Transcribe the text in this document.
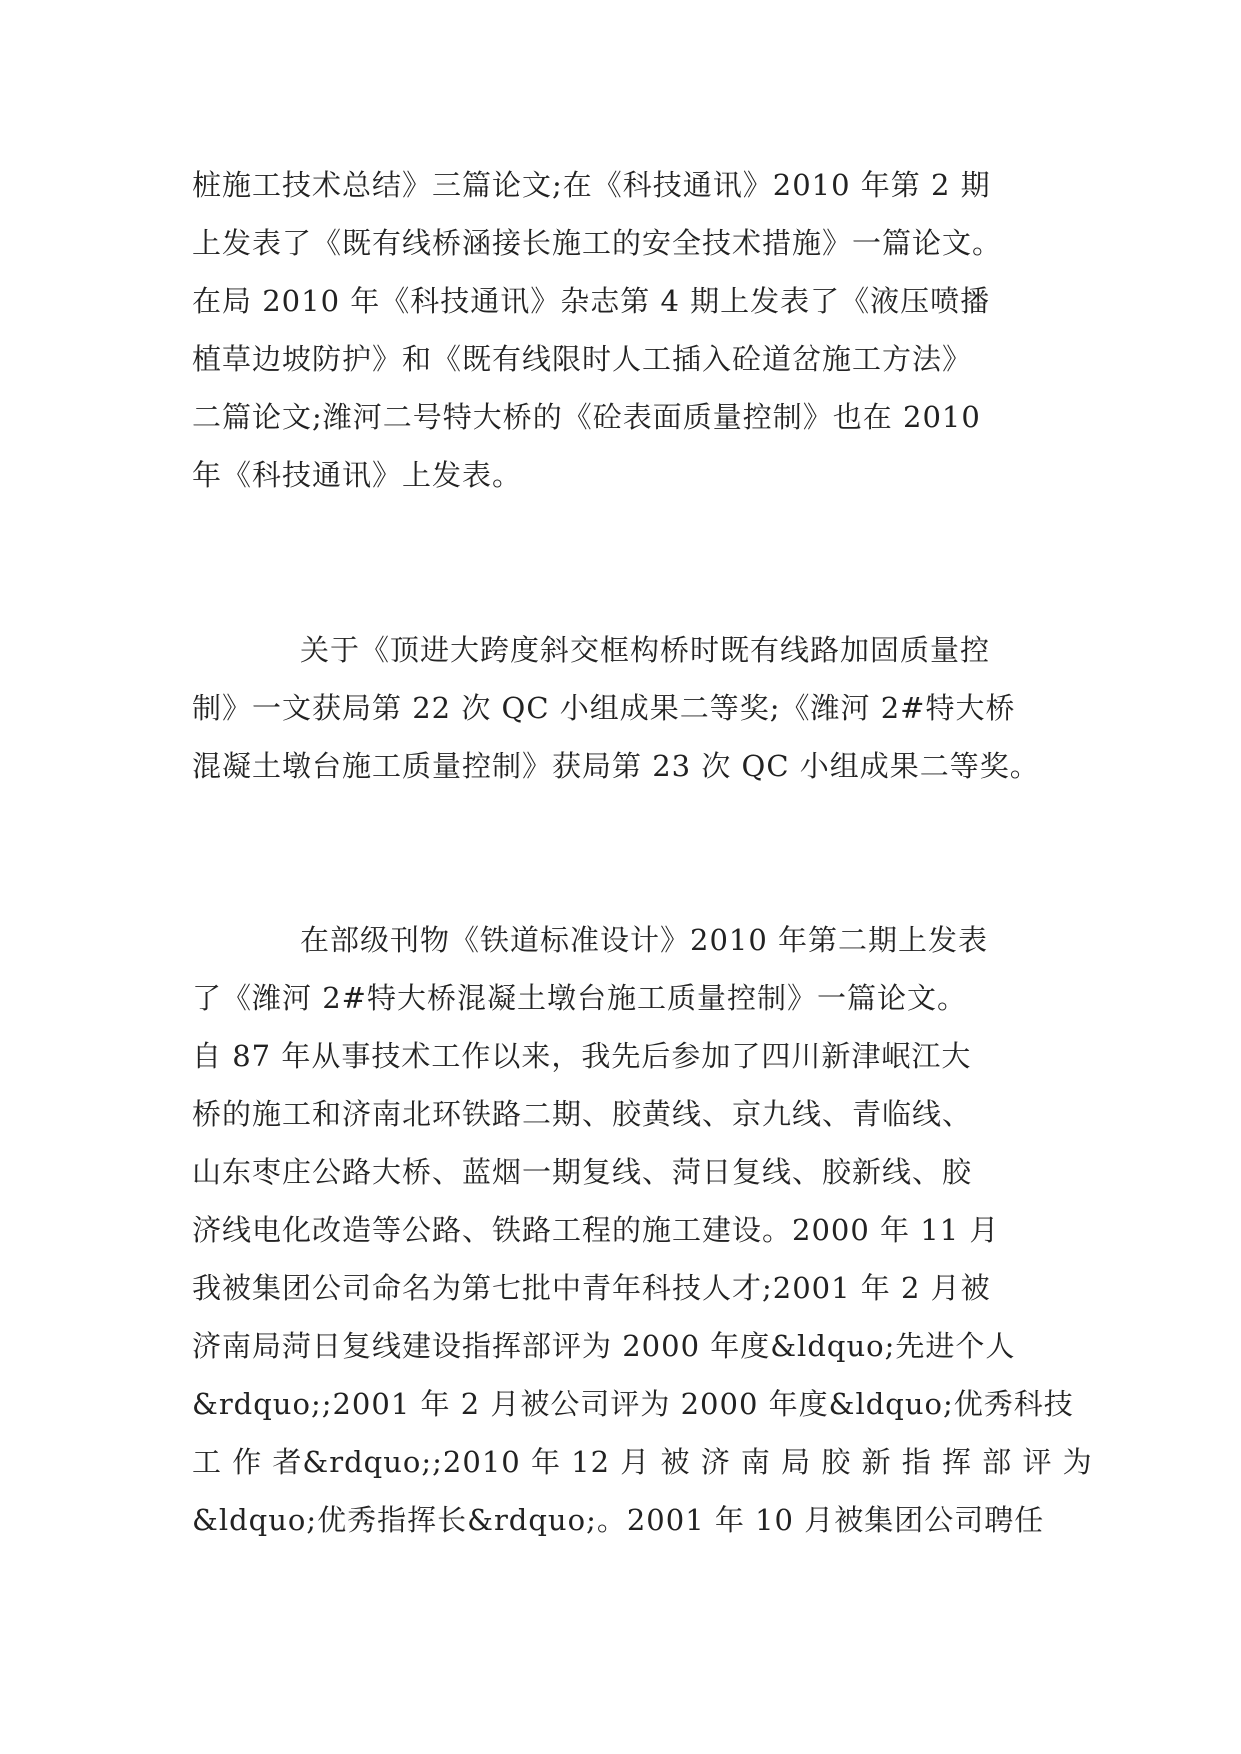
桩施工技术总结》三篇论文;在《科技通讯》2010 年第 2 期
上发表了《既有线桥涵接长施工的安全技术措施》一篇论文。
在局 2010 年《科技通讯》杂志第 4 期上发表了《液压喷播
植草边坡防护》和《既有线限时人工插入砼道岔施工方法》
二篇论文;潍河二号特大桥的《砼表面质量控制》也在 2010
年《科技通讯》上发表。
关于《顶进大跨度斜交框构桥时既有线路加固质量控
制》一文获局第 22 次 QC 小组成果二等奖;《潍河 2#特大桥
混凝土墩台施工质量控制》获局第 23 次 QC 小组成果二等奖。
在部级刊物《铁道标准设计》2010 年第二期上发表
了《潍河 2#特大桥混凝土墩台施工质量控制》一篇论文。
自 87 年从事技术工作以来，我先后参加了四川新津岷江大
桥的施工和济南北环铁路二期、胶黄线、京九线、青临线、
山东枣庄公路大桥、蓝烟一期复线、菏日复线、胶新线、胶
济线电化改造等公路、铁路工程的施工建设。2000 年 11 月
我被集团公司命名为第七批中青年科技人才;2001 年 2 月被
济南局菏日复线建设指挥部评为 2000 年度&ldquo;先进个人
&rdquo;;2001 年 2 月被公司评为 2000 年度&ldquo;优秀科技
工 作 者&rdquo;;2010 年 12 月 被 济 南 局 胶 新 指 挥 部 评 为
&ldquo;优秀指挥长&rdquo;。2001 年 10 月被集团公司聘任
